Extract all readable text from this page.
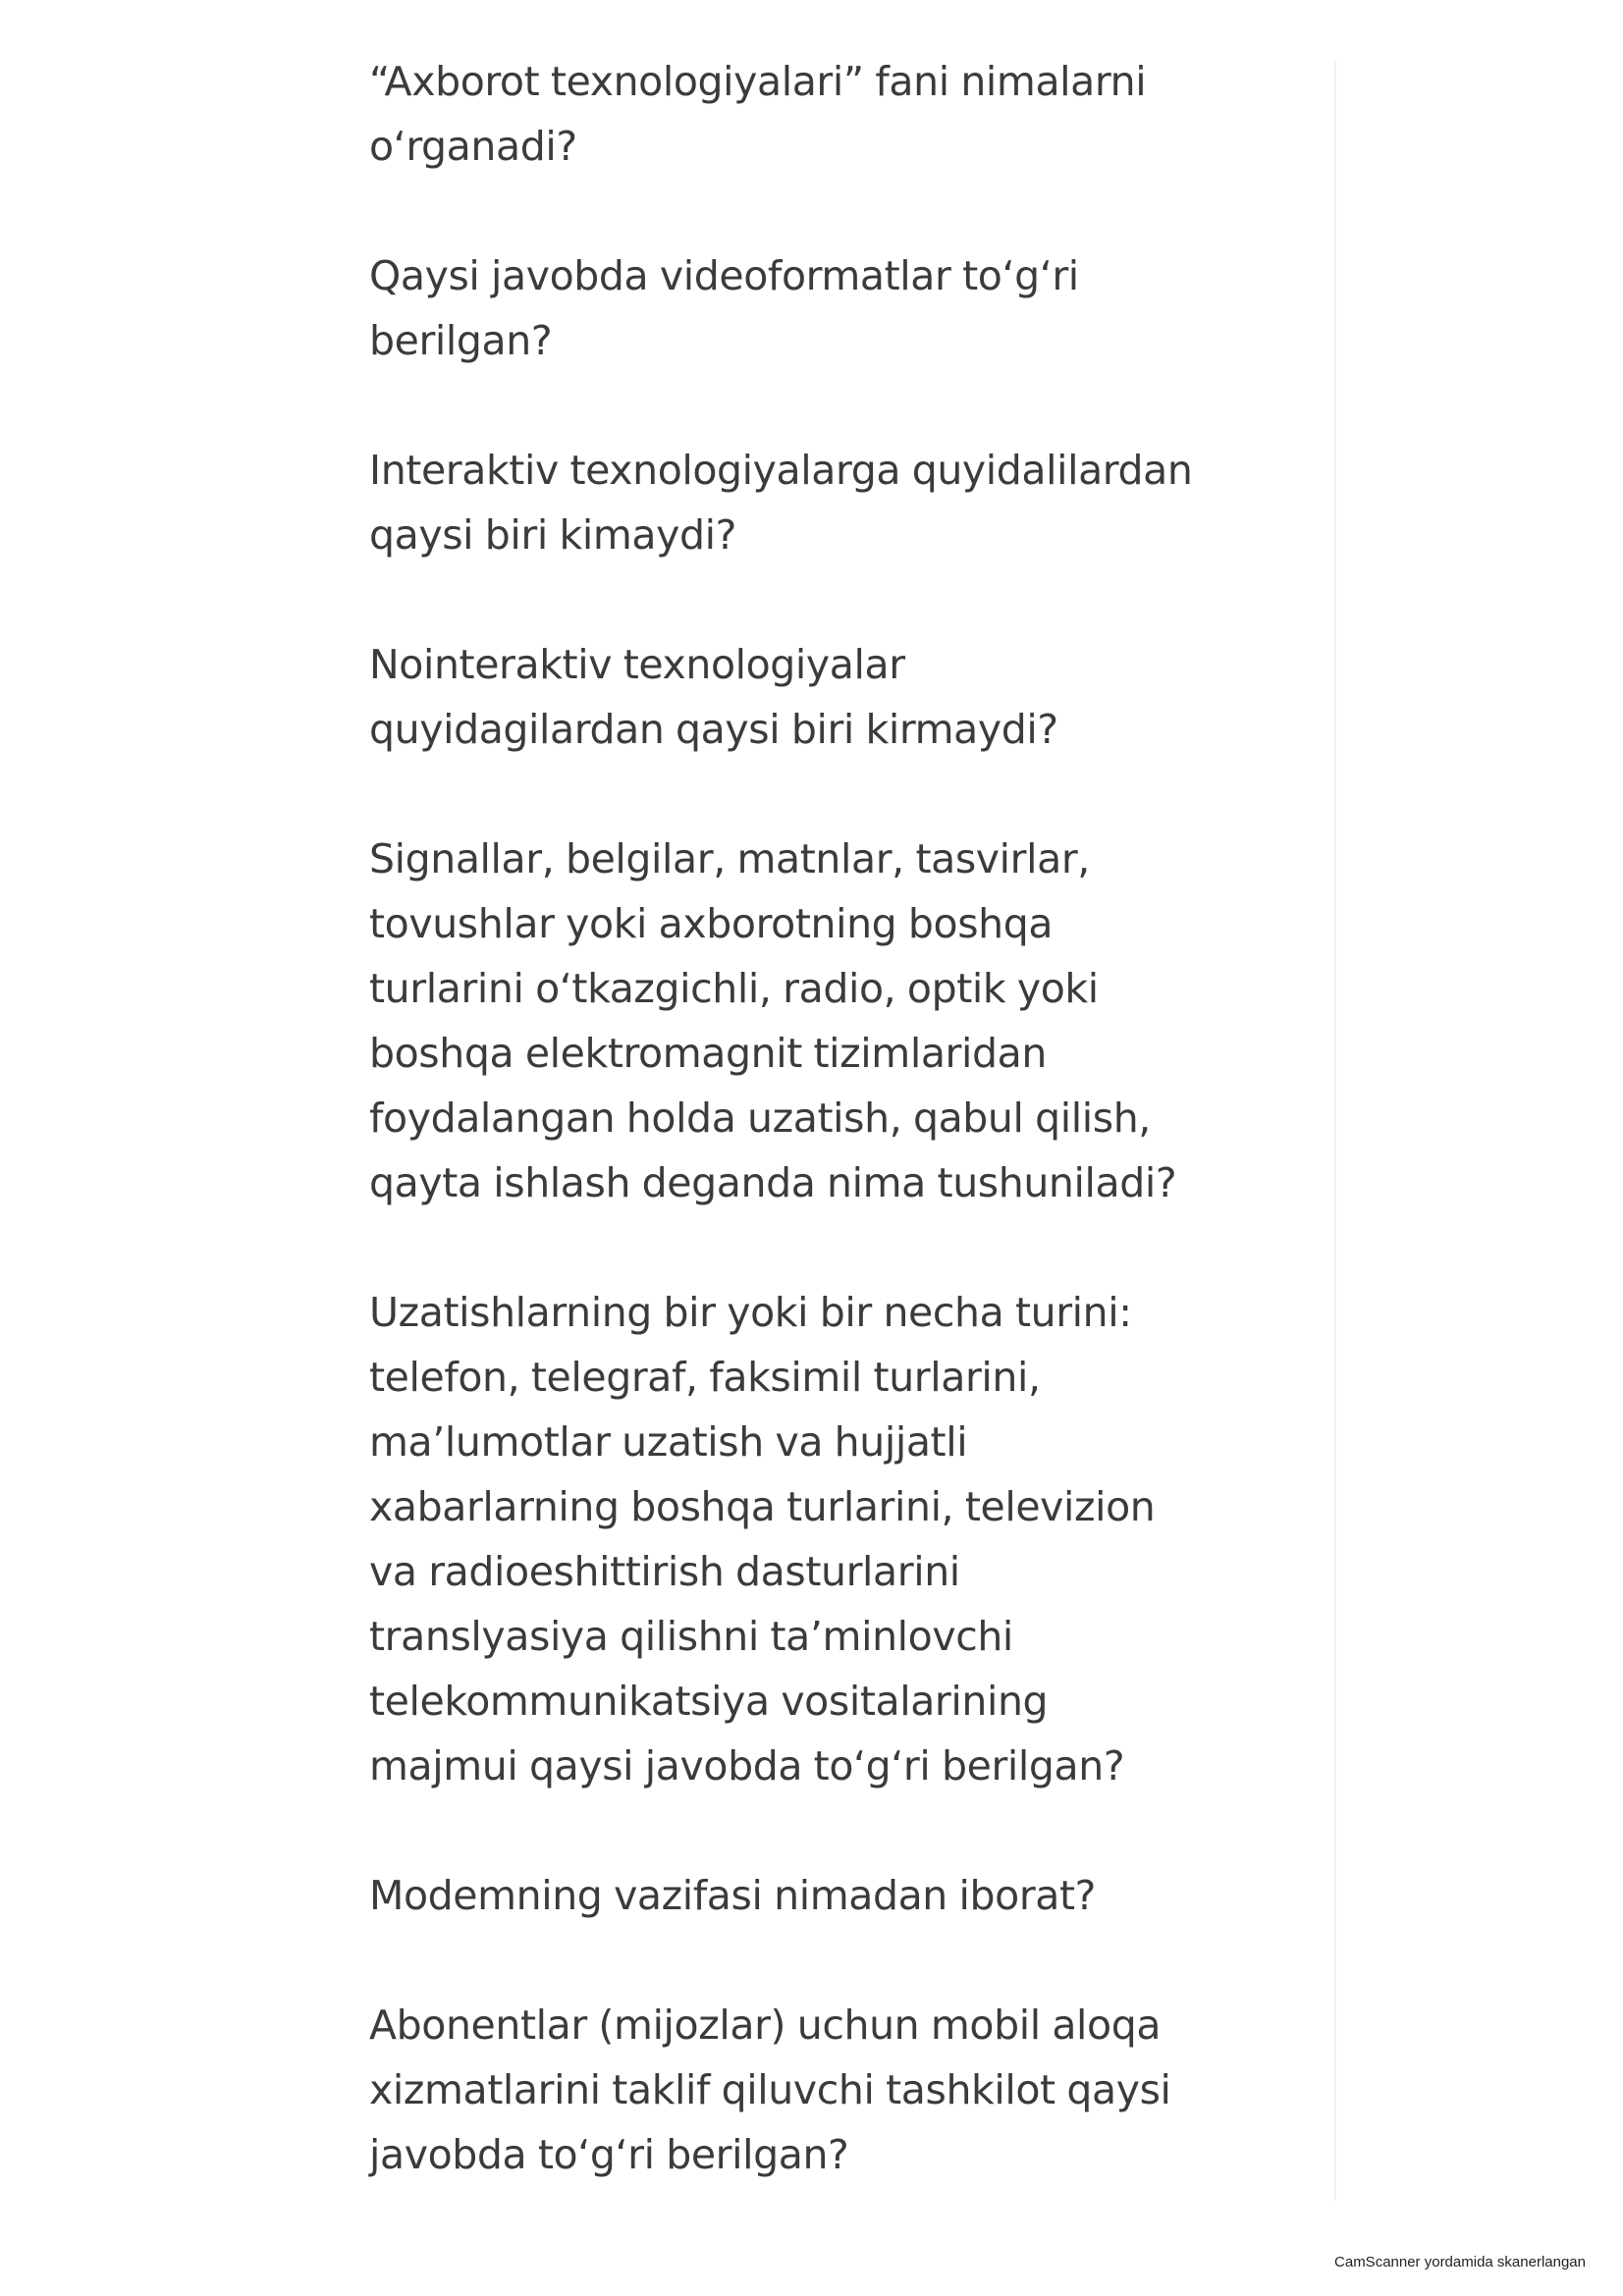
“Axborot texnologiyalari” fani nimalarni
o‘rganadi?

Qaysi javobda videoformatlar to‘g‘ri
berilgan?

Interaktiv texnologiyalarga quyidalilardan
qaysi biri kimaydi?

Nointeraktiv texnologiyalar
quyidagilardan qaysi biri kirmaydi?

Signallar, belgilar, matnlar, tasvirlar,
tovushlar yoki axborotning boshqa
turlarini o‘tkazgichli, radio, optik yoki
boshqa elektromagnit tizimlaridan
foydalangan holda uzatish, qabul qilish,
qayta ishlash deganda nima tushuniladi?

Uzatishlarning bir yoki bir necha turini:
telefon, telegraf, faksimil turlarini,
ma’lumotlar uzatish va hujjatli
xabarlarning boshqa turlarini, televizion
va radioeshittirish dasturlarini
translyasiya qilishni ta’minlovchi
telekommunikatsiya vositalarining
majmui qaysi javobda to‘g‘ri berilgan?

Modemning vazifasi nimadan iborat?

Abonentlar (mijozlar) uchun mobil aloqa
xizmatlarini taklif qiluvchi tashkilot qaysi
javobda to‘g‘ri berilgan?

CamScanner yordamida skanerlangan
